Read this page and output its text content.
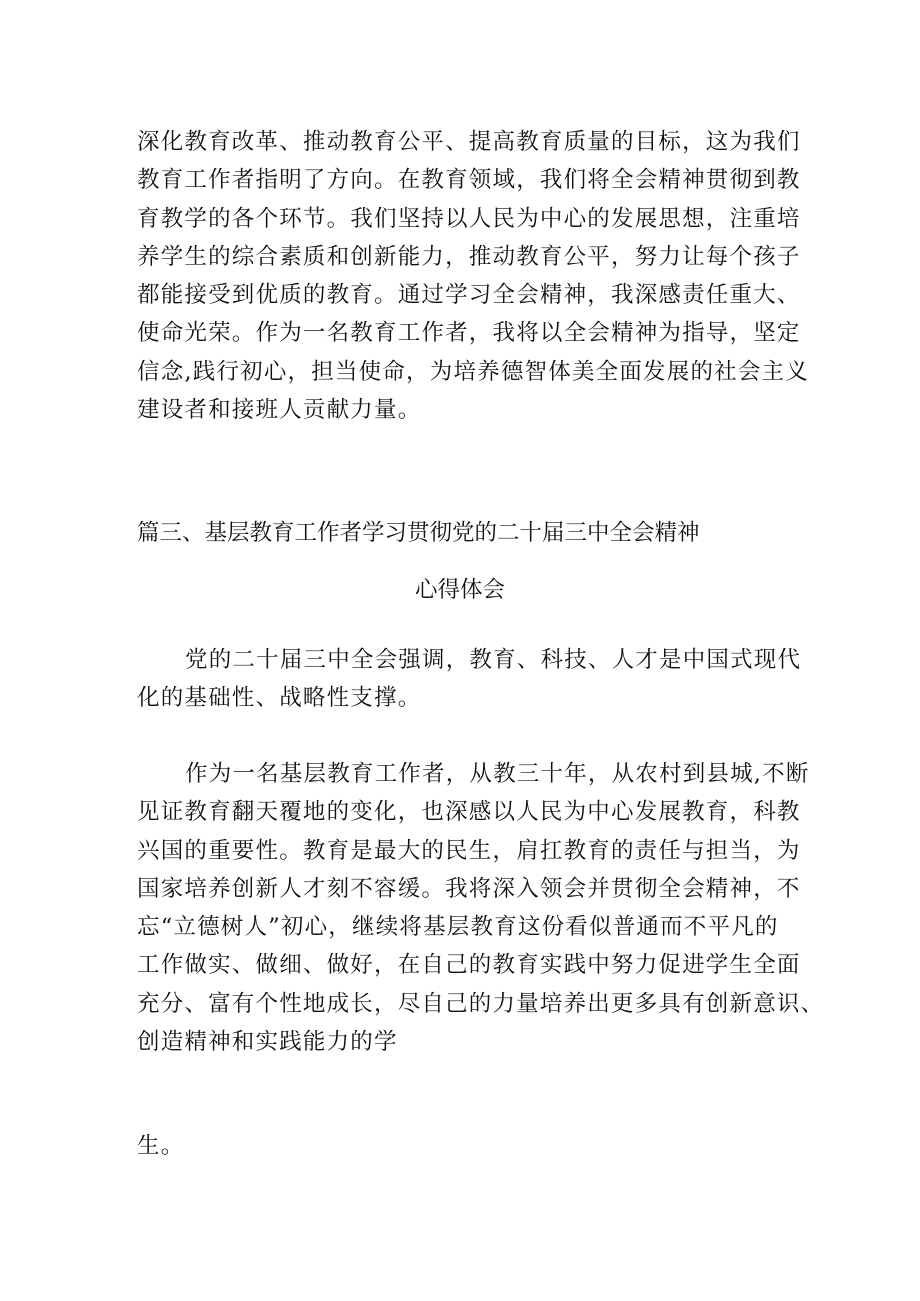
深化教育改革、推动教育公平、提高教育质量的目标，这为我们
教育工作者指明了方向。在教育领域，我们将全会精神贯彻到教
育教学的各个环节。我们坚持以人民为中心的发展思想，注重培
养学生的综合素质和创新能力，推动教育公平，努力让每个孩子
都能接受到优质的教育。通过学习全会精神，我深感责任重大、
使命光荣。作为一名教育工作者，我将以全会精神为指导，坚定
信念,践行初心，担当使命，为培养德智体美全面发展的社会主义
建设者和接班人贡献力量。
篇三、基层教育工作者学习贯彻党的二十届三中全会精神
心得体会
党的二十届三中全会强调，教育、科技、人才是中国式现代
化的基础性、战略性支撑。
作为一名基层教育工作者，从教三十年，从农村到县城,不断
见证教育翻天覆地的变化，也深感以人民为中心发展教育，科教
兴国的重要性。教育是最大的民生，肩扛教育的责任与担当，为
国家培养创新人才刻不容缓。我将深入领会并贯彻全会精神，不
忘“立德树人”初心，继续将基层教育这份看似普通而不平凡的
工作做实、做细、做好，在自己的教育实践中努力促进学生全面
充分、富有个性地成长，尽自己的力量培养出更多具有创新意识、
创造精神和实践能力的学

生。
